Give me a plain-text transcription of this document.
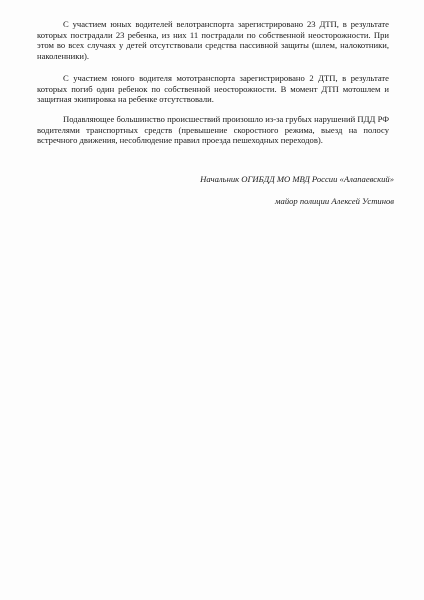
С участием юных водителей велотранспорта зарегистрировано 23 ДТП, в результате которых пострадали 23 ребенка, из них 11 пострадали по собственной неосторожности. При этом во всех случаях у детей отсутствовали средства пассивной защиты (шлем, налокотники, наколенники).

С участием юного водителя мототранспорта зарегистрировано 2 ДТП, в результате которых погиб один ребенок по собственной неосторожности. В момент ДТП мотошлем и защитная экипировка на ребенке отсутствовали.

Подавляющее большинство происшествий произошло из-за грубых нарушений ПДД РФ водителями транспортных средств (превышение скоростного режима, выезд на полосу встречного движения, несоблюдение правил проезда пешеходных переходов).

Начальник ОГИБДД МО МВД России «Алапаевский»
майор полиции Алексей Устинов
